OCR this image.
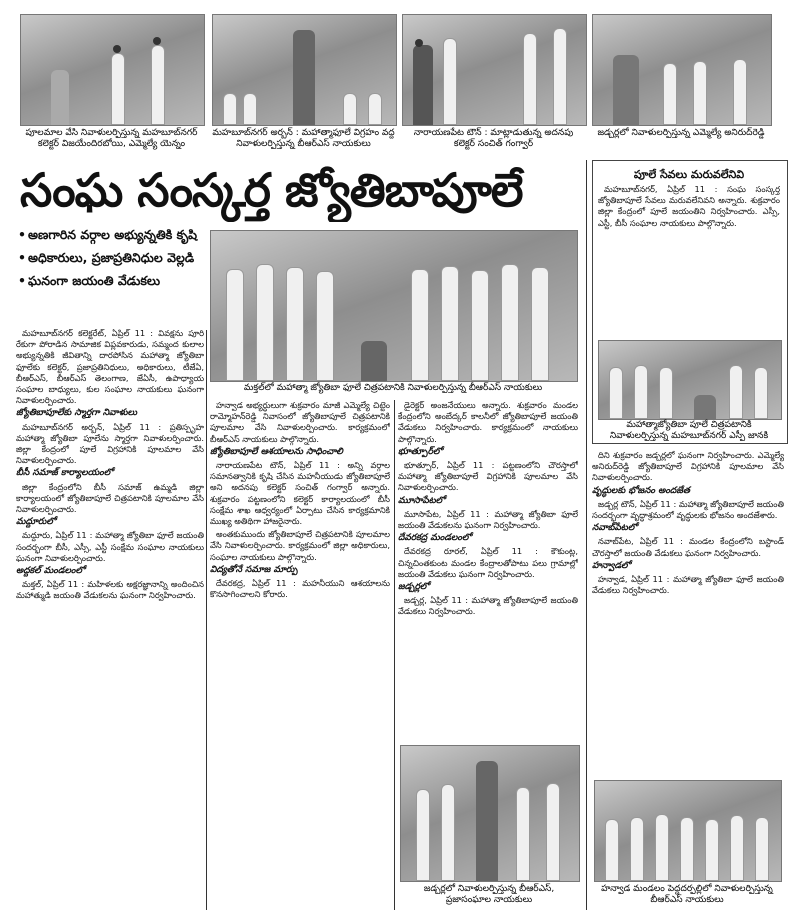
పూలమాల వేసి నివాళులర్పిస్తున్న మహబూబ్‌నగర్ కలెక్టర్ విజయేందిరబోయి, ఎమ్మెల్యే యెన్నం
మహబూబ్‌నగర్ అర్బన్ : మహాత్మాఫూలే విగ్రహం వద్ద నివాళులర్పిస్తున్న బీఆర్ఎస్ నాయకులు
నారాయణపేట టౌన్ : మాట్లాడుతున్న అదనపు కలెక్టర్ సంచిత్ గంగ్వార్
జడ్చర్లలో నివాళులర్పిస్తున్న ఎమ్మెల్యే అనిరుద్‌రెడ్డి
సంఘ సంస్కర్త జ్యోతిబాపూలే
• అణగారిన వర్గాల అభ్యున్నతికి కృషి
• అధికారులు, ప్రజాప్రతినిధుల వెల్లడి
• ఘనంగా జయంతి వేడుకలు
మక్తల్‌లో మహాత్మా జ్యోతిబా ఫూలే చిత్రపటానికి నివాళులర్పిస్తున్న బీఆర్ఎస్ నాయకులు

మహబూబ్‌నగర్ కలెక్టరేట్, ఏప్రిల్ 11 : వివక్షను పూరి రేకుగా పోరాడిన సామాజిక విప్లవకారుడు, సమ్మంద కులాల అభ్యున్నతికి జీవితాన్ని దారపోసిన మహాత్మా జ్యోతిబా ఫూలేకు కలెక్టర్, ప్రజాప్రతినిధులు, అధికారులు, టీజేఏ, బీఆర్ఎస్, బీఆర్‌ఎస్ తెలంగాణ, జేఏసీ, ఉపాధ్యాయ సంఘాల బాధ్యులు, కుల సంఘాల నాయకులు ఘనంగా నివాళులర్పించారు.

జ్యోతిబాపూలేకు స్మార్తగా నివాళులు

మహబూబ్‌నగర్ అర్బన్, ఏప్రిల్ 11 : ప్రతిస్పృహ మహాత్మా జ్యోతిబా పూలేను స్మార్తగా నివాళులర్పించారు. జిల్లా కేంద్రంలో పూలే విగ్రహానికి పూలమాల వేసి నివాళులర్పించారు.

బీసీ సమాజ్ కార్యాలయంలో

జిల్లా కేంద్రంలోని బీసీ సమాజ్ ఉమ్మడి జిల్లా కార్యాలయంలో జ్యోతిబాపూలే చిత్రపటానికి పూలమాల వేసి నివాళులర్పించారు.

మద్దూరులో

మద్దూరు, ఏప్రిల్ 11 : మహాత్మా జ్యోతిబా ఫూలే జయంతి సందర్భంగా బీసీ, ఎస్సీ, ఎస్టీ సంక్షేమ సంఘాల నాయకులు ఘనంగా నివాళులర్పించారు.

అద్దకల్ మండలంలో

మక్తల్, ఏప్రిల్ 11 : మహిళలకు అక్షరజ్ఞానాన్ని అందించిన మహాత్ముడి జయంతి వేడుకలను ఘనంగా నిర్వహించారు.

హన్వాడ అభ్యర్ధులుగా శుక్రవారం మాజీ ఎమ్మెల్యే చిట్టెం రామ్మోహన్‌రెడ్డి నివాసంలో జ్యోతిబాపూలే చిత్రపటానికి పూలమాల వేసి నివాళులర్పించారు. కార్యక్రమంలో బీఆర్ఎస్ నాయకులు పాల్గొన్నారు.

జ్యోతిబాపూలే ఆశయాలను సాధించాలి

నారాయణపేట టౌన్, ఏప్రిల్ 11 : అన్ని వర్గాల సమానత్వానికి కృషి చేసిన మహనీయుడు జ్యోతిబాపూలే అని అదనపు కలెక్టర్ సంచిత్ గంగ్వార్ అన్నారు. శుక్రవారం పట్టణంలోని కలెక్టర్ కార్యాలయంలో బీసీ సంక్షేమ శాఖ ఆధ్వర్యంలో ఏర్పాటు చేసిన కార్యక్రమానికి ముఖ్య అతిథిగా హాజరైనారు.

అంతకుముందు జ్యోతిబాపూలే చిత్రపటానికి పూలమాల వేసి నివాళులర్పించారు. కార్యక్రమంలో జిల్లా అధికారులు, సంఘాల నాయకులు పాల్గొన్నారు.

విద్యతోనే సమాజ మార్పు

దేవరకద్ర, ఏప్రిల్ 11 : మహనీయుని ఆశయాలను కొనసాగించాలని కోరారు.

డైరెక్టర్ అంజనేయులు అన్నారు. శుక్రవారం మండల కేంద్రంలోని అంబేద్కర్ కాలనీలో జ్యోతిబాపూలే జయంతి వేడుకలు నిర్వహించారు. కార్యక్రమంలో నాయకులు పాల్గొన్నారు.

భూత్పూర్‌లో

భూత్పూర్, ఏప్రిల్ 11 : పట్టణంలోని చౌరస్తాలో మహాత్మా జ్యోతిబాపూలే విగ్రహానికి పూలమాల వేసి నివాళులర్పించారు.

మూసాపేటలో

మూసాపేట, ఏప్రిల్ 11 : మహాత్మా జ్యోతిబా ఫూలే జయంతి వేడుకలను ఘనంగా నిర్వహించారు.

దేవరకద్ర మండలంలో

దేవరకద్ర రూరల్, ఏప్రిల్ 11 : కౌకుంట్ల, చిన్నచింతకుంట మండల కేంద్రాలతోపాటు పలు గ్రామాల్లో జయంతి వేడుకలు ఘనంగా నిర్వహించారు.

జడ్చర్లలో

జడ్చర్ల, ఏప్రిల్ 11 : మహాత్మా జ్యోతిబాపూలే జయంతి వేడుకలు నిర్వహించారు.

జడ్చర్లలో నివాళులర్పిస్తున్న బీఆర్ఎస్, ప్రజాసంఘాల నాయకులు
పూలే సేవలు మరువలేనివి

మహబూబ్‌నగర్, ఏప్రిల్ 11 : సంఘ సంస్కర్త జ్యోతిబాపూలే సేవలు మరువలేనివని అన్నారు. శుక్రవారం జిల్లా కేంద్రంలో పూలే జయంతిని నిర్వహించారు. ఎస్సీ, ఎస్టీ, బీసీ సంఘాల నాయకులు పాల్గొన్నారు.

మహాత్మాజ్యోతిబా పూలే చిత్రపటానికి నివాళులర్పిస్తున్న మహబూబ్‌నగర్ ఎస్పీ జానకి

దిని శుక్రవారం జడ్చర్లలో ఘనంగా నిర్వహించారు. ఎమ్మెల్యే అనిరుద్‌రెడ్డి జ్యోతిబాపూలే విగ్రహానికి పూలమాల వేసి నివాళులర్పించారు.

వృద్ధులకు భోజనం అందజేత

జడ్చర్ల టౌన్, ఏప్రిల్ 11 : మహాత్మా జ్యోతిబాపూలే జయంతి సందర్భంగా వృద్ధాశ్రమంలో వృద్ధులకు భోజనం అందజేశారు.

నవాబ్‌పేటలో

నవాబ్‌పేట, ఏప్రిల్ 11 : మండల కేంద్రంలోని బస్టాండ్ చౌరస్తాలో జయంతి వేడుకలు ఘనంగా నిర్వహించారు.

హన్వాడలో

హన్వాడ, ఏప్రిల్ 11 : మహాత్మా జ్యోతిబా ఫూలే జయంతి వేడుకలు నిర్వహించారు.

హన్వాడ మండలం పెద్దదర్పల్లిలో నివాళులర్పిస్తున్న బీఆర్ఎస్ నాయకులు
